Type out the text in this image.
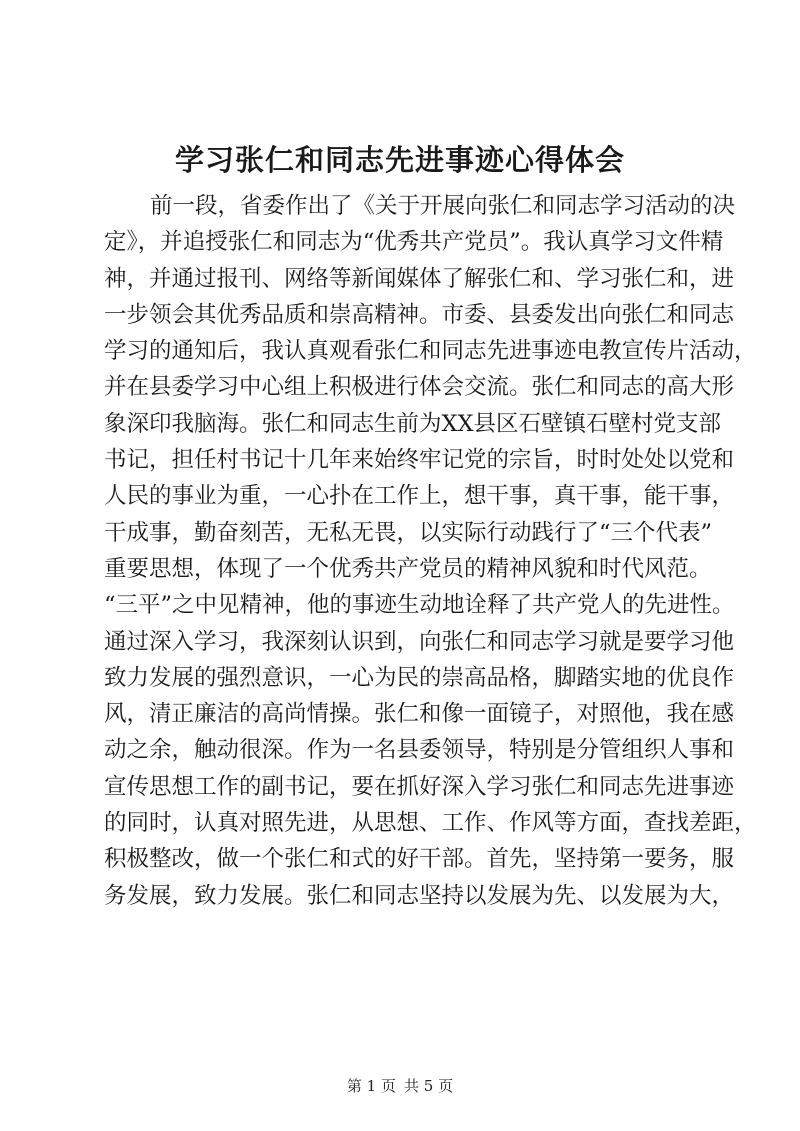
学习张仁和同志先进事迹心得体会
前一段，省委作出了《关于开展向张仁和同志学习活动的决
定》，并追授张仁和同志为“优秀共产党员”。我认真学习文件精
神，并通过报刊、网络等新闻媒体了解张仁和、学习张仁和，进
一步领会其优秀品质和崇高精神。市委、县委发出向张仁和同志
学习的通知后，我认真观看张仁和同志先进事迹电教宣传片活动，
并在县委学习中心组上积极进行体会交流。张仁和同志的高大形
象深印我脑海。张仁和同志生前为XX县区石壁镇石壁村党支部
书记，担任村书记十几年来始终牢记党的宗旨，时时处处以党和
人民的事业为重，一心扑在工作上，想干事，真干事，能干事，
干成事，勤奋刻苦，无私无畏，以实际行动践行了“三个代表”
重要思想，体现了一个优秀共产党员的精神风貌和时代风范。
“三平”之中见精神，他的事迹生动地诠释了共产党人的先进性。
通过深入学习，我深刻认识到，向张仁和同志学习就是要学习他
致力发展的强烈意识，一心为民的崇高品格，脚踏实地的优良作
风，清正廉洁的高尚情操。张仁和像一面镜子，对照他，我在感
动之余，触动很深。作为一名县委领导，特别是分管组织人事和
宣传思想工作的副书记，要在抓好深入学习张仁和同志先进事迹
的同时，认真对照先进，从思想、工作、作风等方面，查找差距，
积极整改，做一个张仁和式的好干部。首先，坚持第一要务，服
务发展，致力发展。张仁和同志坚持以发展为先、以发展为大，
第 1 页 共 5 页
